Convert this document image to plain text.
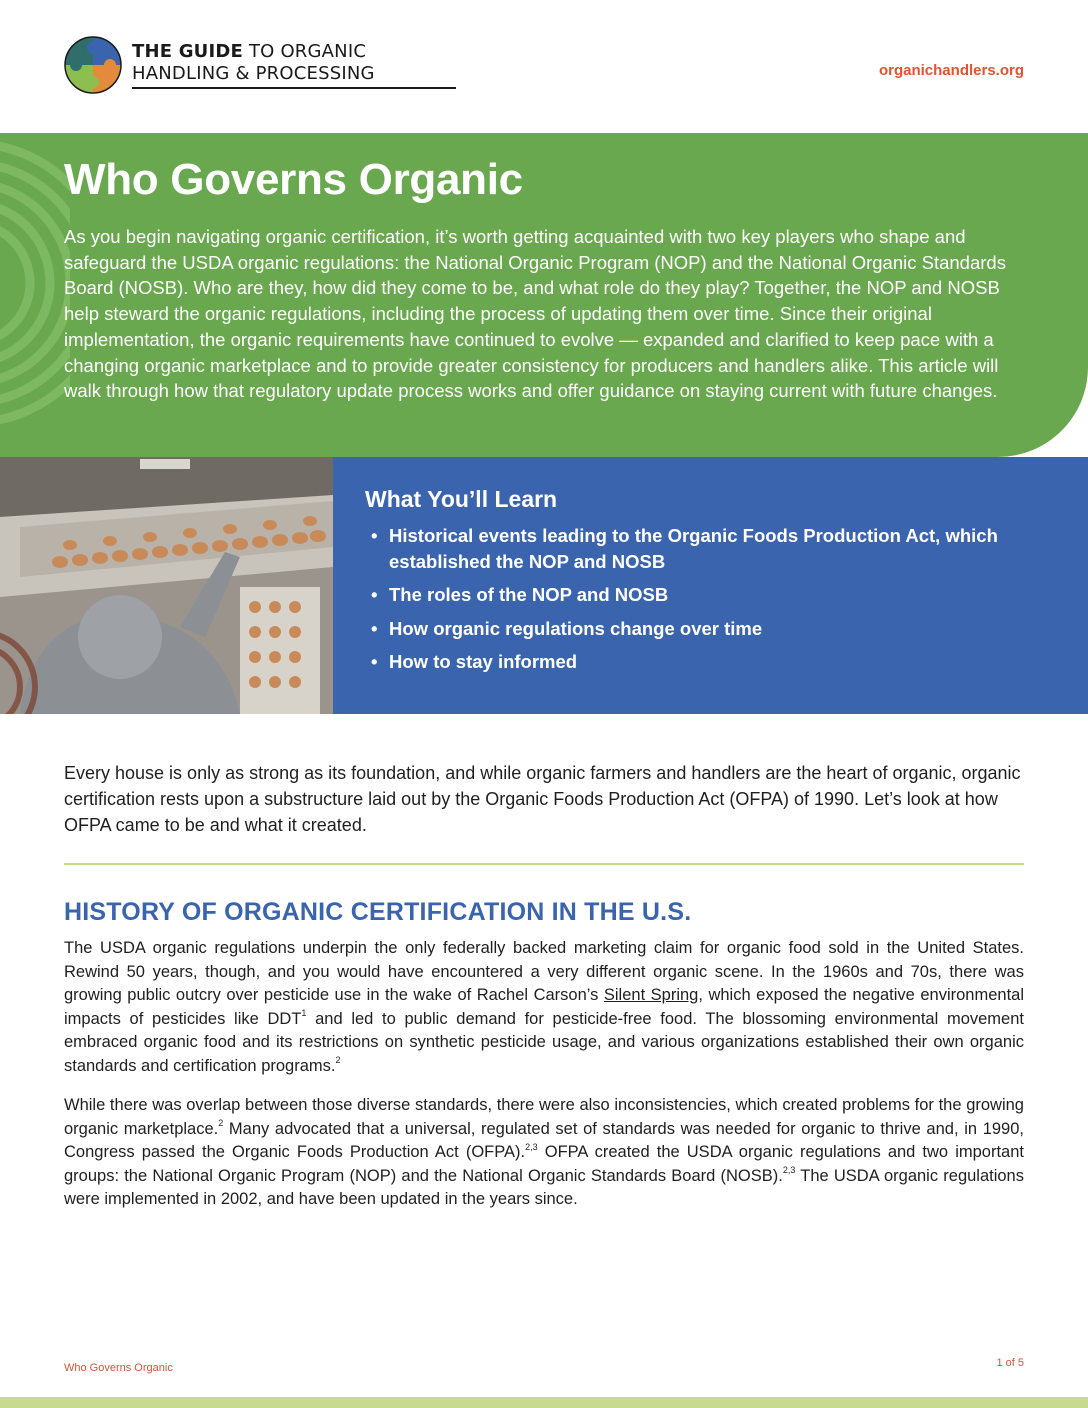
THE GUIDE TO ORGANIC
HANDLING & PROCESSING	organichandlers.org
Who Governs Organic

As you begin navigating organic certification, it’s worth getting acquainted with two key players who shape and safeguard the USDA organic regulations: the National Organic Program (NOP) and the National Organic Standards Board (NOSB). Who are they, how did they come to be, and what role do they play? Together, the NOP and NOSB help steward the organic regulations, including the process of updating them over time. Since their original implementation, the organic requirements have continued to evolve — expanded and clarified to keep pace with a changing organic marketplace and to provide greater consistency for producers and handlers alike. This article will walk through how that regulatory update process works and offer guidance on staying current with future changes.

What You’ll Learn
• Historical events leading to the Organic Foods Production Act, which established the NOP and NOSB
• The roles of the NOP and NOSB
• How organic regulations change over time
• How to stay informed

Every house is only as strong as its foundation, and while organic farmers and handlers are the heart of organic, organic certification rests upon a substructure laid out by the Organic Foods Production Act (OFPA) of 1990. Let’s look at how OFPA came to be and what it created.

HISTORY OF ORGANIC CERTIFICATION IN THE U.S.

The USDA organic regulations underpin the only federally backed marketing claim for organic food sold in the United States. Rewind 50 years, though, and you would have encountered a very different organic scene. In the 1960s and 70s, there was growing public outcry over pesticide use in the wake of Rachel Carson’s Silent Spring, which exposed the negative environmental impacts of pesticides like DDT$^1$ and led to public demand for pesticide-free food. The blossoming environmental movement embraced organic food and its restrictions on synthetic pesticide usage, and various organizations established their own organic standards and certification programs.$^2$

While there was overlap between those diverse standards, there were also inconsistencies, which created problems for the growing organic marketplace.$^2$ Many advocated that a universal, regulated set of standards was needed for organic to thrive and, in 1990, Congress passed the Organic Foods Production Act (OFPA).$^{2,3}$ OFPA created the USDA organic regulations and two important groups: the National Organic Program (NOP) and the National Organic Standards Board (NOSB).$^{2,3}$ The USDA organic regulations were implemented in 2002, and have been updated in the years since.

Who Governs Organic	1 of 5
